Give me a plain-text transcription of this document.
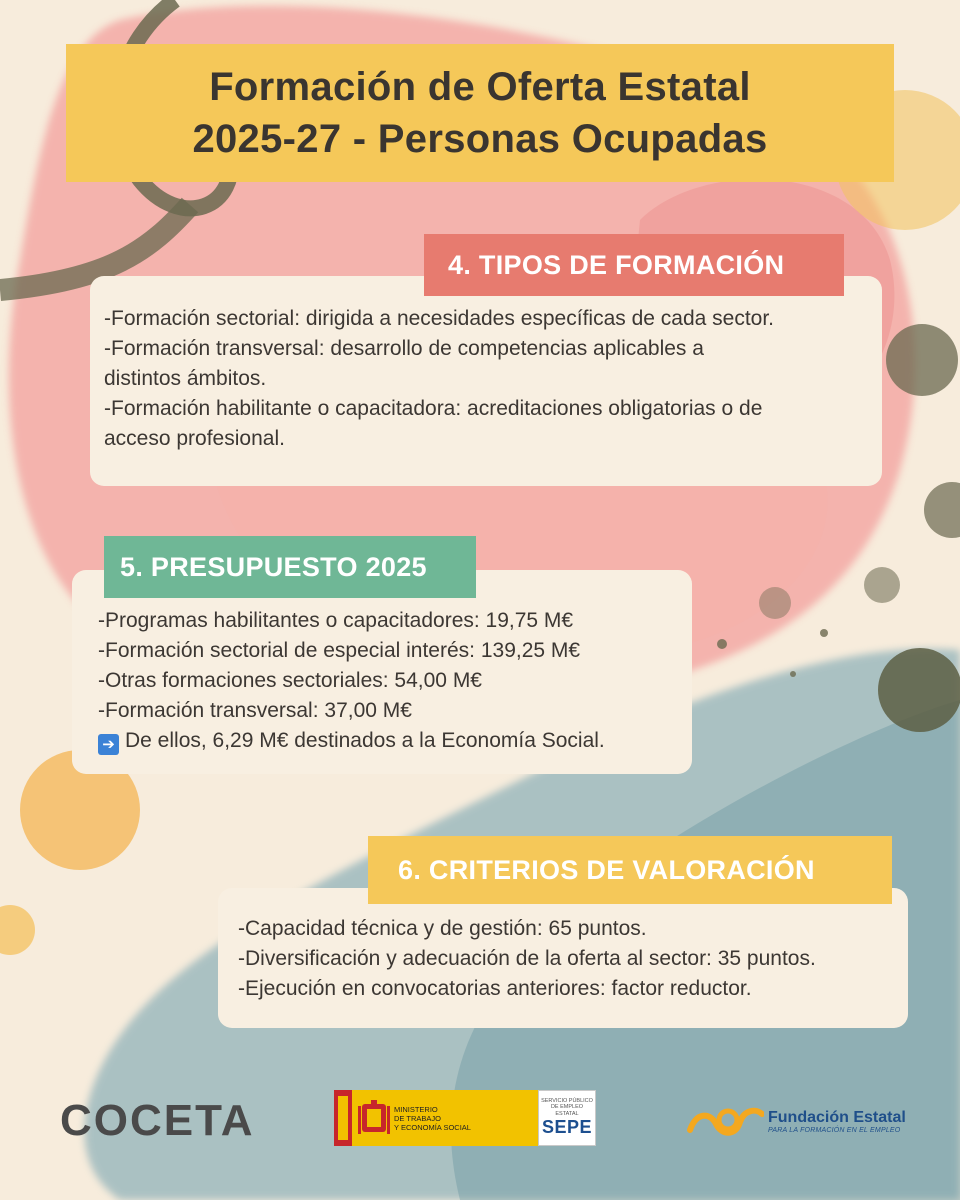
Formación de Oferta Estatal
2025-27 - Personas Ocupadas

-Formación sectorial: dirigida a necesidades específicas de cada sector.

-Formación transversal: desarrollo de competencias aplicables a

distintos ámbitos.

-Formación habilitante o capacitadora: acreditaciones obligatorias o de

acceso profesional.

4. TIPOS DE FORMACIÓN

-Programas habilitantes o capacitadores: 19,75 M€

-Formación sectorial de especial interés: 139,25 M€

-Otras formaciones sectoriales: 54,00 M€

-Formación transversal: 37,00 M€

➔ De ellos, 6,29 M€ destinados a la Economía Social.

5. PRESUPUESTO 2025

-Capacidad técnica y de gestión: 65 puntos.

-Diversificación y adecuación de la oferta al sector: 35 puntos.

-Ejecución en convocatorias anteriores: factor reductor.

6. CRITERIOS DE VALORACIÓN
COCETA	MINISTERIO
DE TRABAJO
Y ECONOMÍA SOCIAL
SERVICIO PÚBLICO
DE EMPLEO ESTATAL
SEPE
Fundación Estatal
PARA LA FORMACIÓN EN EL EMPLEO
